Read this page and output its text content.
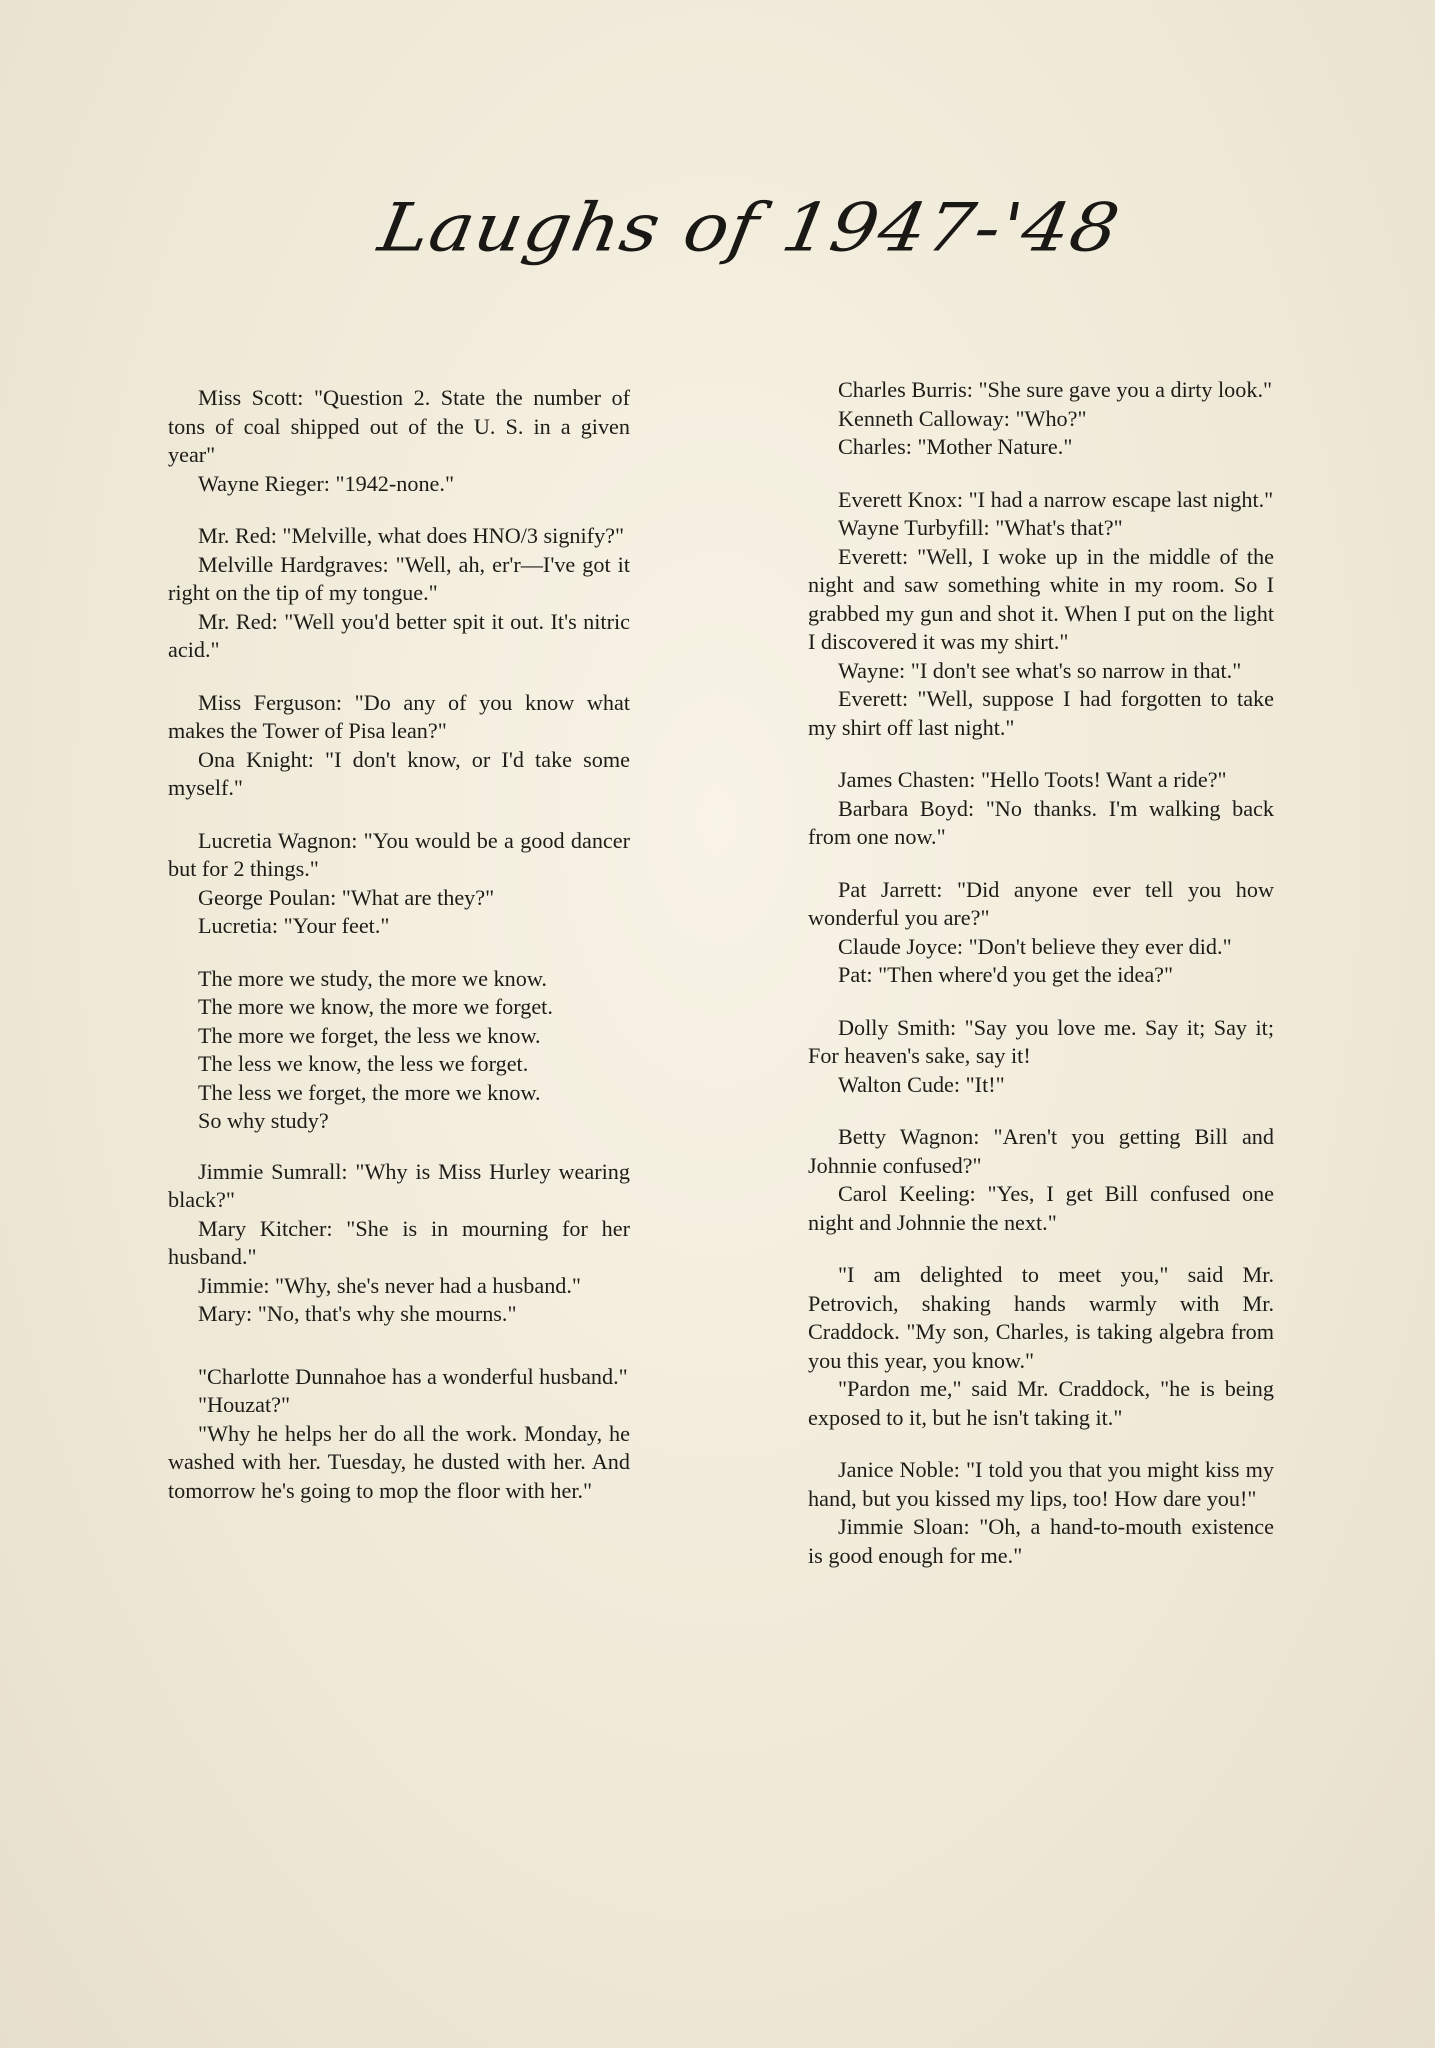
Laughs of 1947-'48

Miss Scott: "Question 2. State the number of tons of coal shipped out of the U. S. in a given year"

Wayne Rieger: "1942-none."

Mr. Red: "Melville, what does HNO/3 signify?"

Melville Hardgraves: "Well, ah, er'r—I've got it right on the tip of my tongue."

Mr. Red: "Well you'd better spit it out. It's nitric acid."

Miss Ferguson: "Do any of you know what makes the Tower of Pisa lean?"

Ona Knight: "I don't know, or I'd take some myself."

Lucretia Wagnon: "You would be a good dancer but for 2 things."

George Poulan: "What are they?"

Lucretia: "Your feet."

The more we study, the more we know.

The more we know, the more we forget.

The more we forget, the less we know.

The less we know, the less we forget.

The less we forget, the more we know.

So why study?

Jimmie Sumrall: "Why is Miss Hurley wearing black?"

Mary Kitcher: "She is in mourning for her husband."

Jimmie: "Why, she's never had a husband."

Mary: "No, that's why she mourns."

"Charlotte Dunnahoe has a wonderful husband."

"Houzat?"

"Why he helps her do all the work. Monday, he washed with her. Tuesday, he dusted with her. And tomorrow he's going to mop the floor with her."

Charles Burris: "She sure gave you a dirty look."

Kenneth Calloway: "Who?"

Charles: "Mother Nature."

Everett Knox: "I had a narrow escape last night."

Wayne Turbyfill: "What's that?"

Everett: "Well, I woke up in the middle of the night and saw something white in my room. So I grabbed my gun and shot it. When I put on the light I discovered it was my shirt."

Wayne: "I don't see what's so narrow in that."

Everett: "Well, suppose I had forgotten to take my shirt off last night."

James Chasten: "Hello Toots! Want a ride?"

Barbara Boyd: "No thanks. I'm walking back from one now."

Pat Jarrett: "Did anyone ever tell you how wonderful you are?"

Claude Joyce: "Don't believe they ever did."

Pat: "Then where'd you get the idea?"

Dolly Smith: "Say you love me. Say it; Say it; For heaven's sake, say it!

Walton Cude: "It!"

Betty Wagnon: "Aren't you getting Bill and Johnnie confused?"

Carol Keeling: "Yes, I get Bill confused one night and Johnnie the next."

"I am delighted to meet you," said Mr. Petrovich, shaking hands warmly with Mr. Craddock. "My son, Charles, is taking algebra from you this year, you know."

"Pardon me," said Mr. Craddock, "he is being exposed to it, but he isn't taking it."

Janice Noble: "I told you that you might kiss my hand, but you kissed my lips, too! How dare you!"

Jimmie Sloan: "Oh, a hand-to-mouth existence is good enough for me."
